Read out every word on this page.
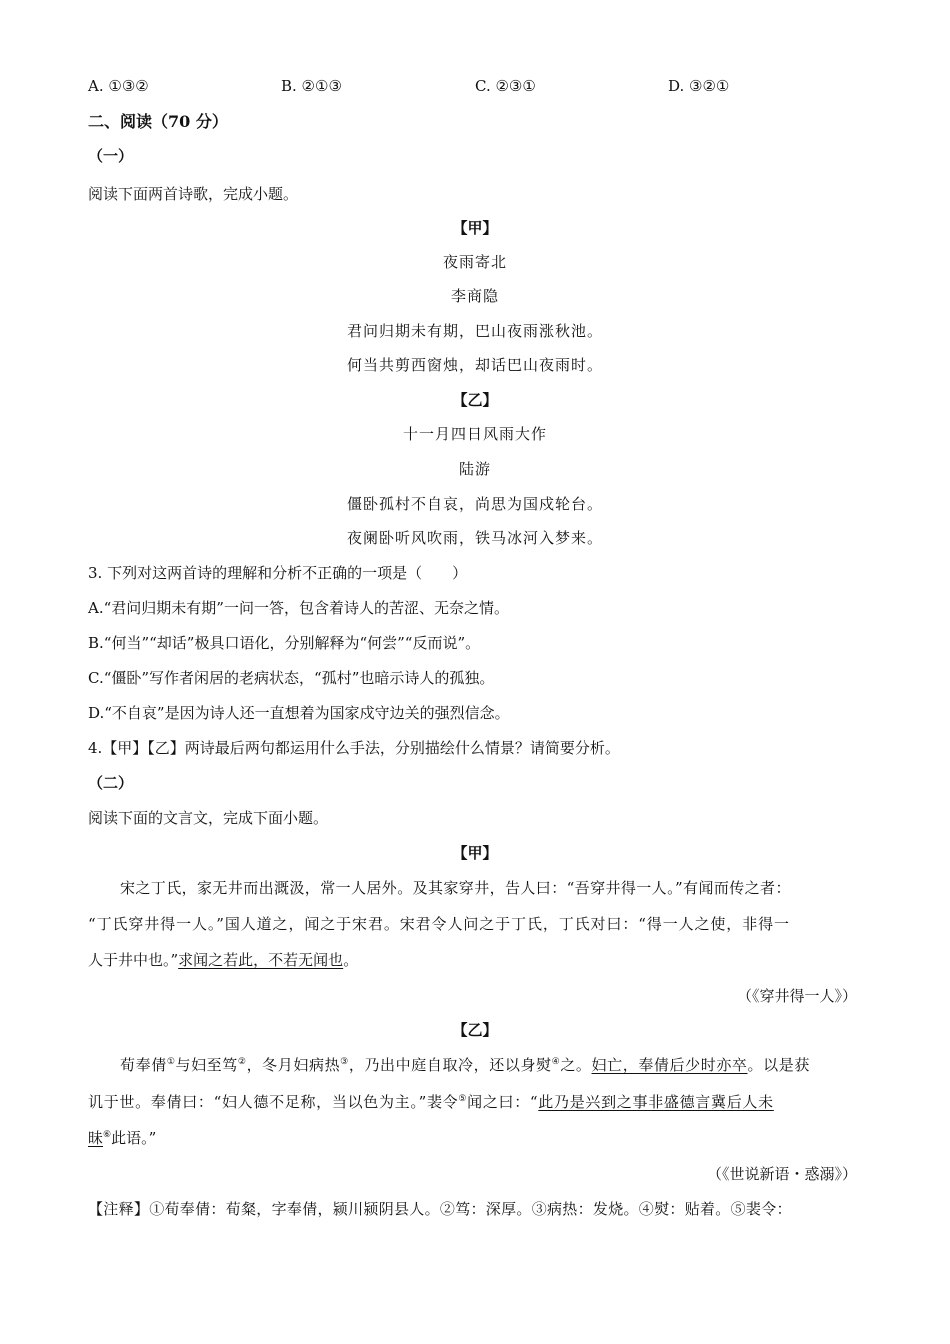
A. ①③②	B. ②①③	C. ②③①	D. ③②①
二、阅读（70 分）
（一）
阅读下面两首诗歌，完成小题。
【甲】
夜雨寄北
李商隐
君问归期未有期，巴山夜雨涨秋池。
何当共剪西窗烛，却话巴山夜雨时。
【乙】
十一月四日风雨大作
陆游
僵卧孤村不自哀，尚思为国戍轮台。
夜阑卧听风吹雨，铁马冰河入梦来。
3. 下列对这两首诗的理解和分析不正确的一项是（　　）
A.“君问归期未有期”一问一答，包含着诗人的苦涩、无奈之情。
B.“何当”“却话”极具口语化，分别解释为“何尝”“反而说”。
C.“僵卧”写作者闲居的老病状态，“孤村”也暗示诗人的孤独。
D.“不自哀”是因为诗人还一直想着为国家戍守边关的强烈信念。
4.【甲】【乙】两诗最后两句都运用什么手法，分别描绘什么情景？请简要分析。
（二）
阅读下面的文言文，完成下面小题。
【甲】
宋之丁氏，家无井而出溉汲，常一人居外。及其家穿井，告人曰：“吾穿井得一人。”有闻而传之者：
“丁氏穿井得一人。”国人道之，闻之于宋君。宋君令人问之于丁氏，丁氏对曰：“得一人之使，非得一
人于井中也。”求闻之若此，不若无闻也。
（《穿井得一人》）
【乙】
荀奉倩①与妇至笃②，冬月妇病热③，乃出中庭自取冷，还以身熨④之。妇亡，奉倩后少时亦卒。以是获
讥于世。奉倩曰：“妇人德不足称，当以色为主。”裴令⑤闻之曰：“此乃是兴到之事非盛德言冀后人未
昧⑥此语。”
（《世说新语・惑溺》）
【注释】①荀奉倩：荀粲，字奉倩，颍川颍阴县人。②笃：深厚。③病热：发烧。④熨：贴着。⑤裴令：
